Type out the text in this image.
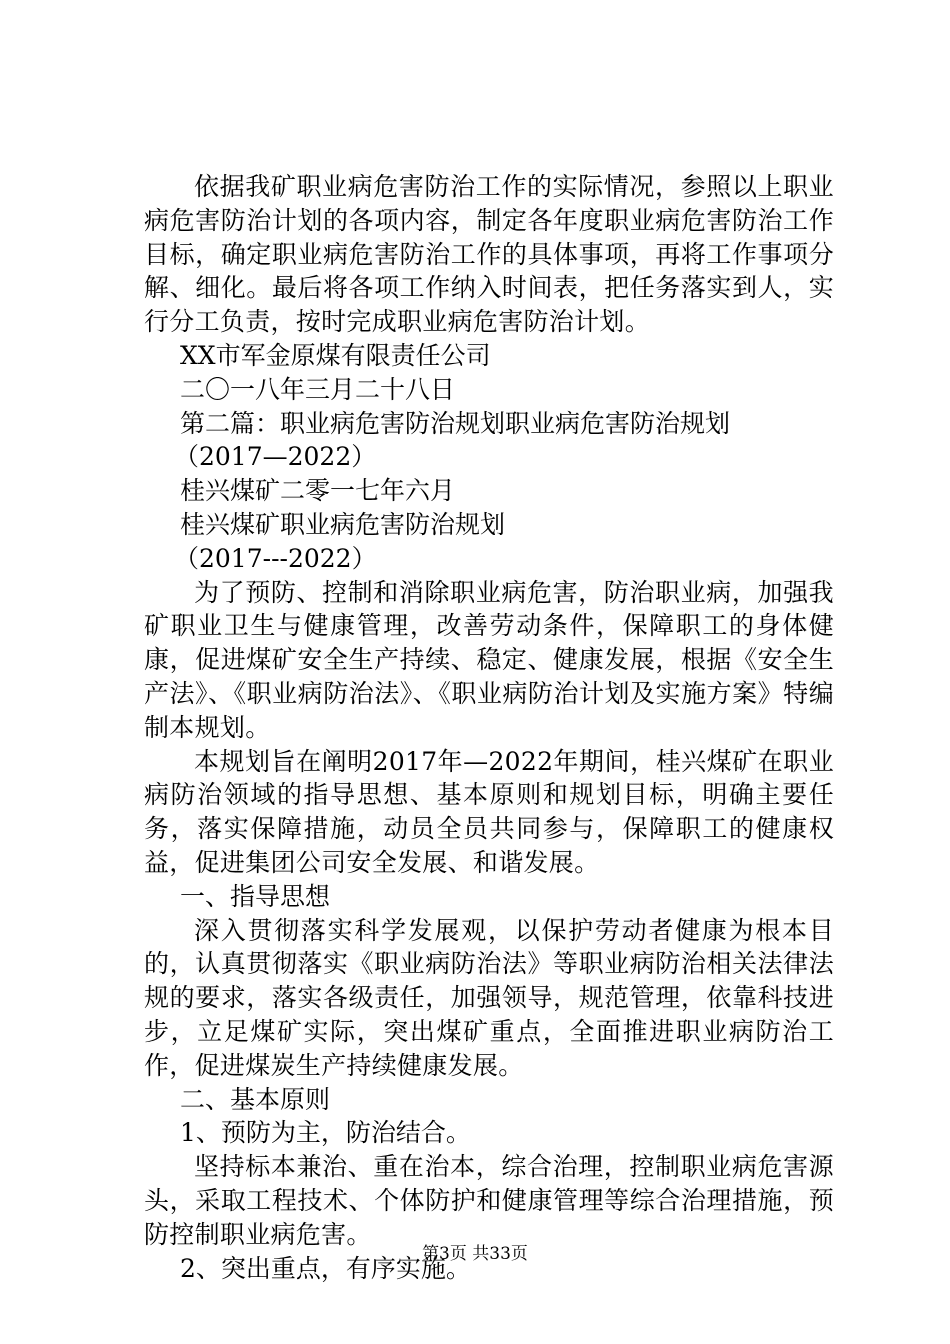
依据我矿职业病危害防治工作的实际情况，参照以上职业病危害防治计划的各项内容，制定各年度职业病危害防治工作目标，确定职业病危害防治工作的具体事项，再将工作事项分解、细化。最后将各项工作纳入时间表，把任务落实到人，实行分工负责，按时完成职业病危害防治计划。

XX市军金原煤有限责任公司

二〇一八年三月二十八日

第二篇：职业病危害防治规划职业病危害防治规划

（2017—2022）

桂兴煤矿二零一七年六月

桂兴煤矿职业病危害防治规划

（2017---2022）

为了预防、控制和消除职业病危害，防治职业病，加强我矿职业卫生与健康管理，改善劳动条件，保障职工的身体健康，促进煤矿安全生产持续、稳定、健康发展，根据《安全生产法》、《职业病防治法》、《职业病防治计划及实施方案》特编制本规划。

本规划旨在阐明2017年—2022年期间，桂兴煤矿在职业病防治领域的指导思想、基本原则和规划目标，明确主要任务，落实保障措施，动员全员共同参与，保障职工的健康权益，促进集团公司安全发展、和谐发展。

一、指导思想

深入贯彻落实科学发展观，以保护劳动者健康为根本目的，认真贯彻落实《职业病防治法》等职业病防治相关法律法规的要求，落实各级责任，加强领导，规范管理，依靠科技进步，立足煤矿实际，突出煤矿重点，全面推进职业病防治工作，促进煤炭生产持续健康发展。

二、基本原则

1、预防为主，防治结合。

坚持标本兼治、重在治本，综合治理，控制职业病危害源头，采取工程技术、个体防护和健康管理等综合治理措施，预防控制职业病危害。

2、突出重点，有序实施。

第3页 共33页
